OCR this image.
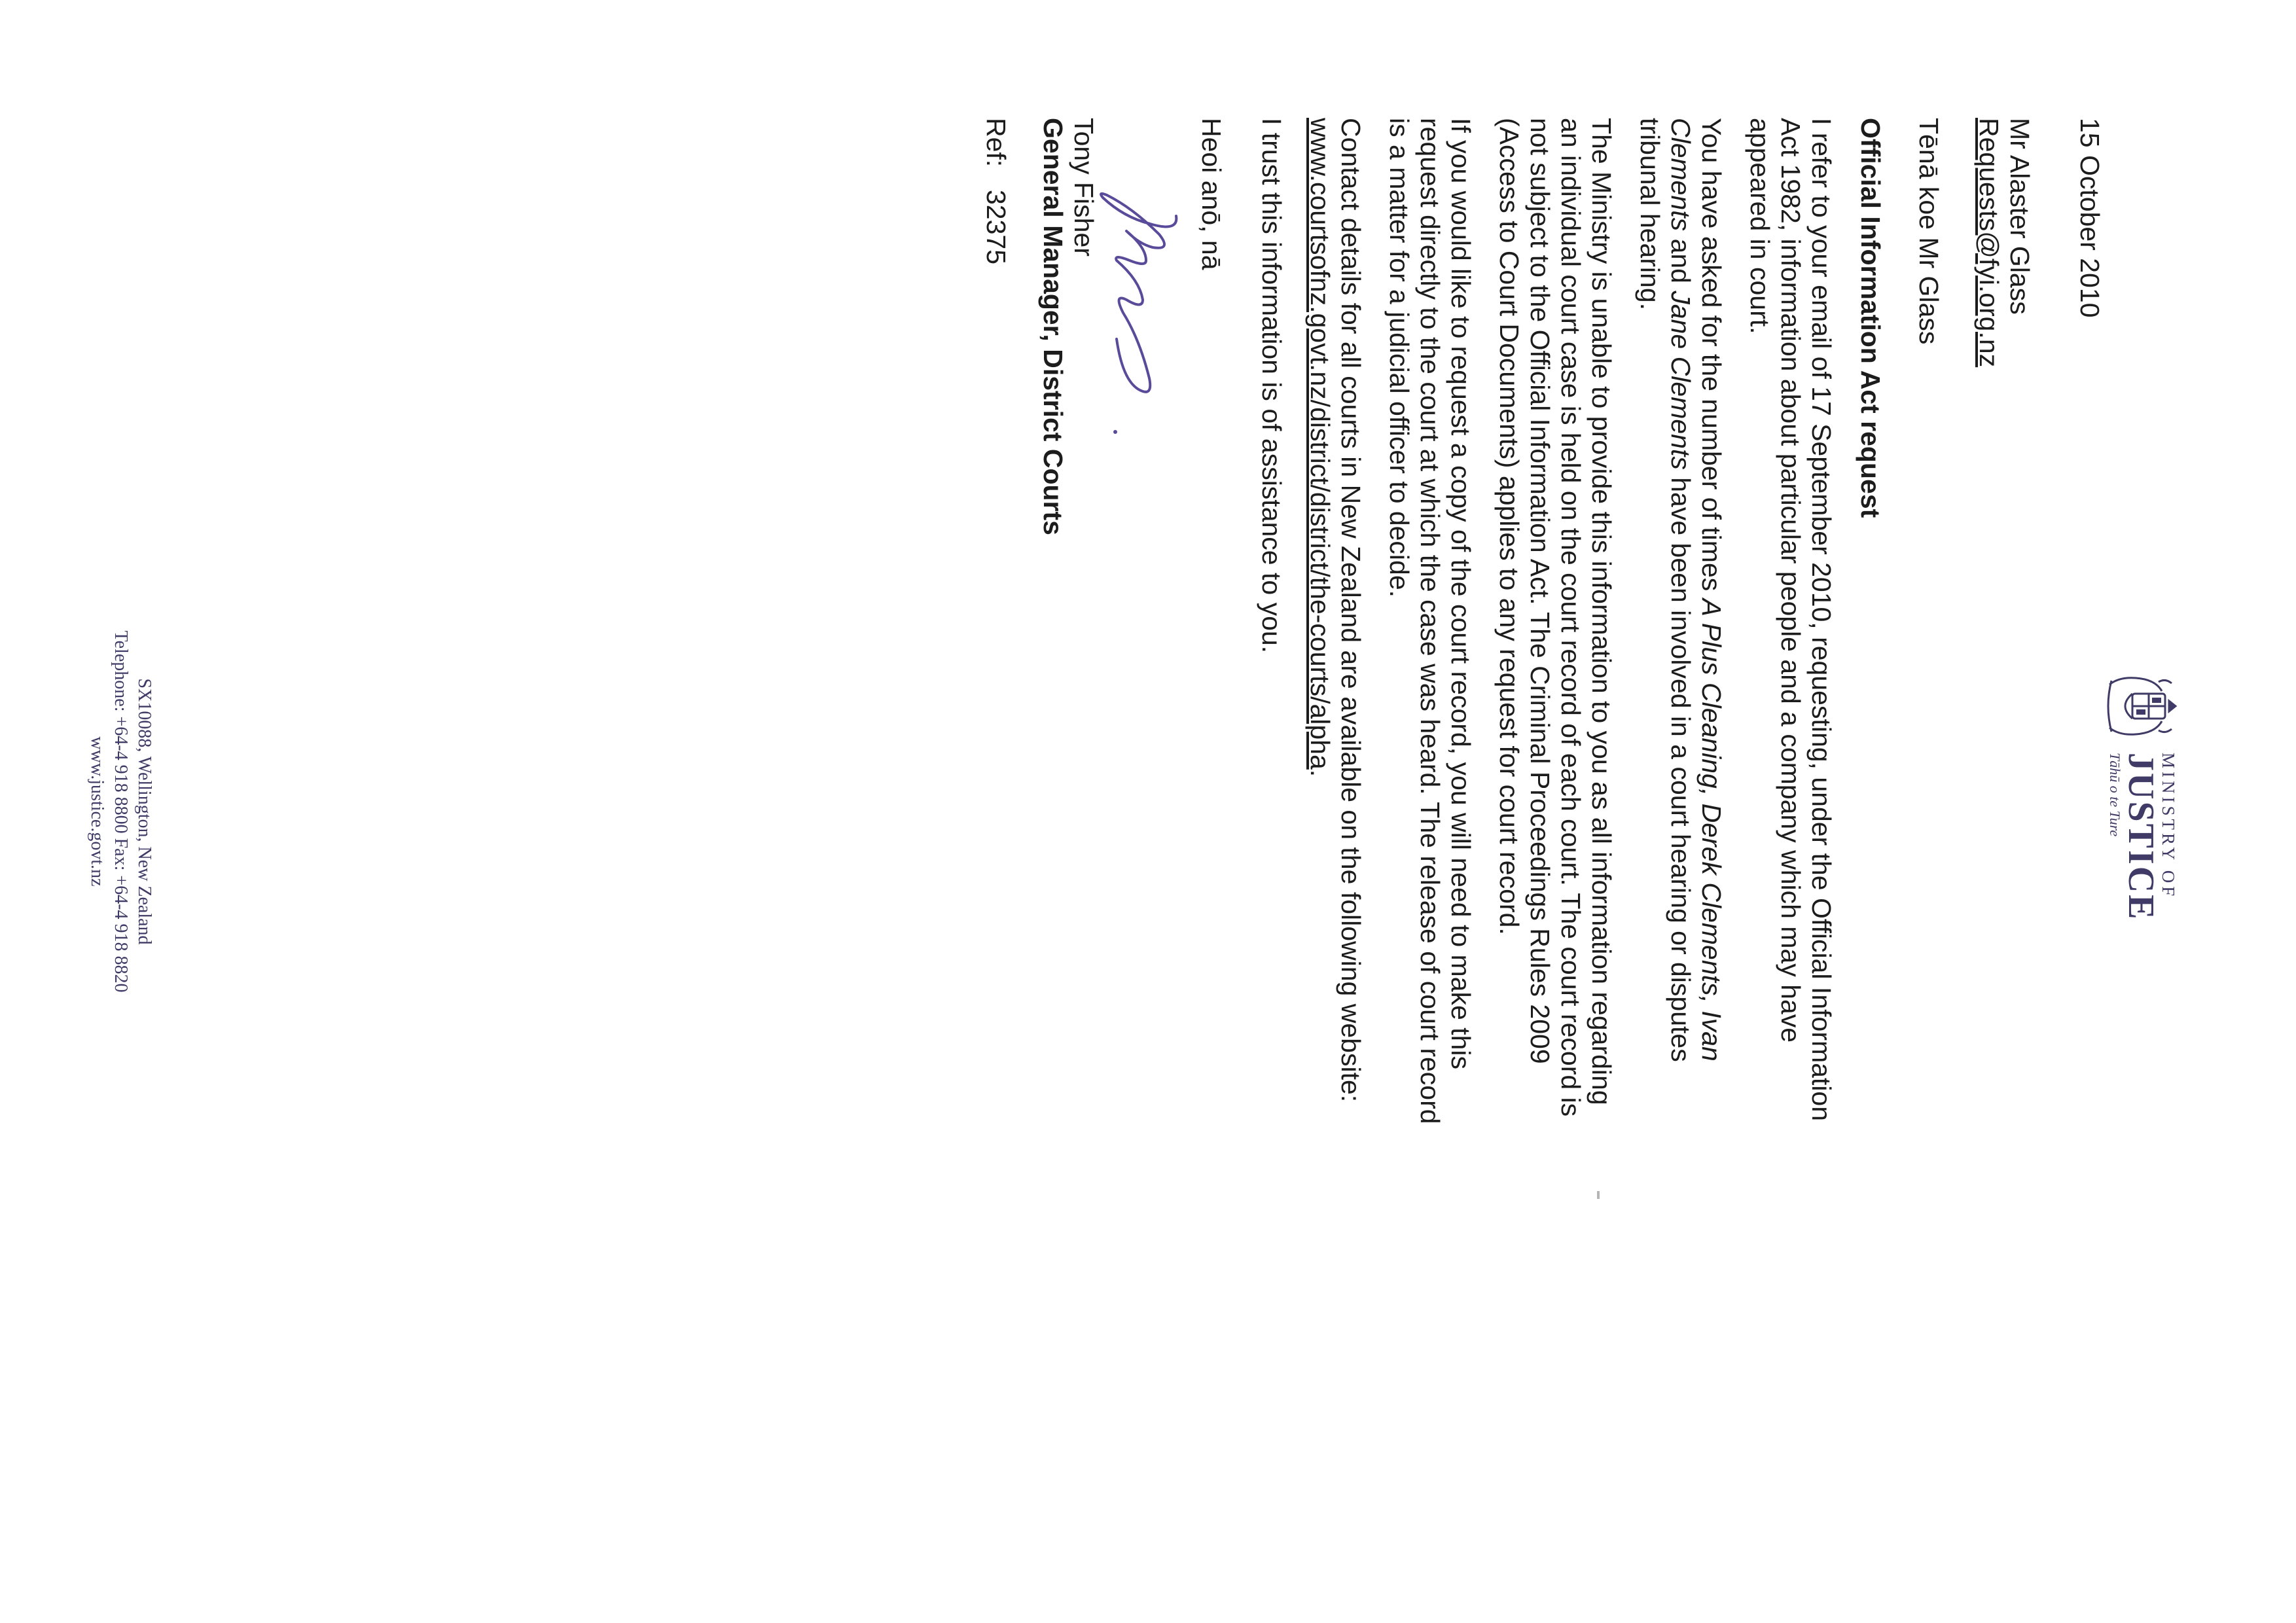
MINISTRY OF
JUSTICE
Tāhū o te Ture

15 October 2010

Mr Alaster Glass
Requests@fyi.org.nz

Tēnā koe Mr Glass

Official Information Act request

I refer to your email of 17 September 2010, requesting, under the Official Information Act 1982, information about particular people and a company which may have appeared in court.

You have asked for the number of times A Plus Cleaning, Derek Clements, Ivan Clements and Jane Clements have been involved in a court hearing or disputes tribunal hearing.

The Ministry is unable to provide this information to you as all information regarding an individual court case is held on the court record of each court. The court record is not subject to the Official Information Act. The Criminal Proceedings Rules 2009 (Access to Court Documents) applies to any request for court record.

If you would like to request a copy of the court record, you will need to make this request directly to the court at which the case was heard. The release of court record is a matter for a judicial officer to decide.

Contact details for all courts in New Zealand are available on the following website: www.courtsofnz.govt.nz/district/district/the-courts/alpha.

I trust this information is of assistance to you.

Heoi anō, nā

Tony Fisher

General Manager, District Courts

Ref:32375

SX10088, Wellington, New Zealand
Telephone: +64-4 918 8800 Fax: +64-4 918 8820
www.justice.govt.nz
